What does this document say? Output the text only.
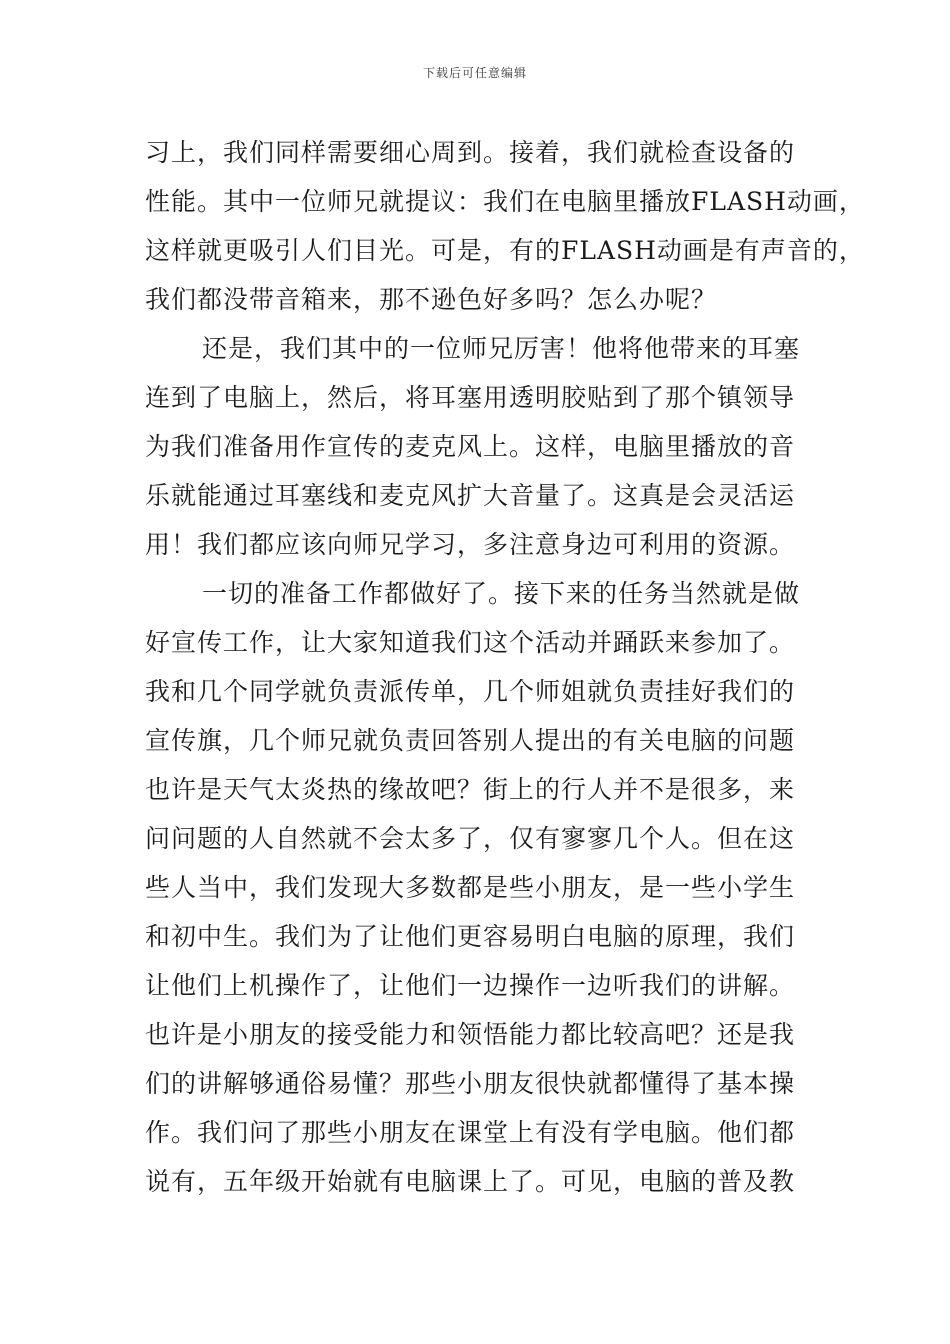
下载后可任意编辑
习上，我们同样需要细心周到。接着，我们就检查设备的
性能。其中一位师兄就提议：我们在电脑里播放FLASH动画，
这样就更吸引人们目光。可是，有的FLASH动画是有声音的，
我们都没带音箱来，那不逊色好多吗？怎么办呢？
还是，我们其中的一位师兄厉害！他将他带来的耳塞
连到了电脑上，然后，将耳塞用透明胶贴到了那个镇领导
为我们准备用作宣传的麦克风上。这样，电脑里播放的音
乐就能通过耳塞线和麦克风扩大音量了。这真是会灵活运
用！我们都应该向师兄学习，多注意身边可利用的资源。
一切的准备工作都做好了。接下来的任务当然就是做
好宣传工作，让大家知道我们这个活动并踊跃来参加了。
我和几个同学就负责派传单，几个师姐就负责挂好我们的
宣传旗，几个师兄就负责回答别人提出的有关电脑的问题
也许是天气太炎热的缘故吧？街上的行人并不是很多，来
问问题的人自然就不会太多了，仅有寥寥几个人。但在这
些人当中，我们发现大多数都是些小朋友，是一些小学生
和初中生。我们为了让他们更容易明白电脑的原理，我们
让他们上机操作了，让他们一边操作一边听我们的讲解。
也许是小朋友的接受能力和领悟能力都比较高吧？还是我
们的讲解够通俗易懂？那些小朋友很快就都懂得了基本操
作。我们问了那些小朋友在课堂上有没有学电脑。他们都
说有，五年级开始就有电脑课上了。可见，电脑的普及教
